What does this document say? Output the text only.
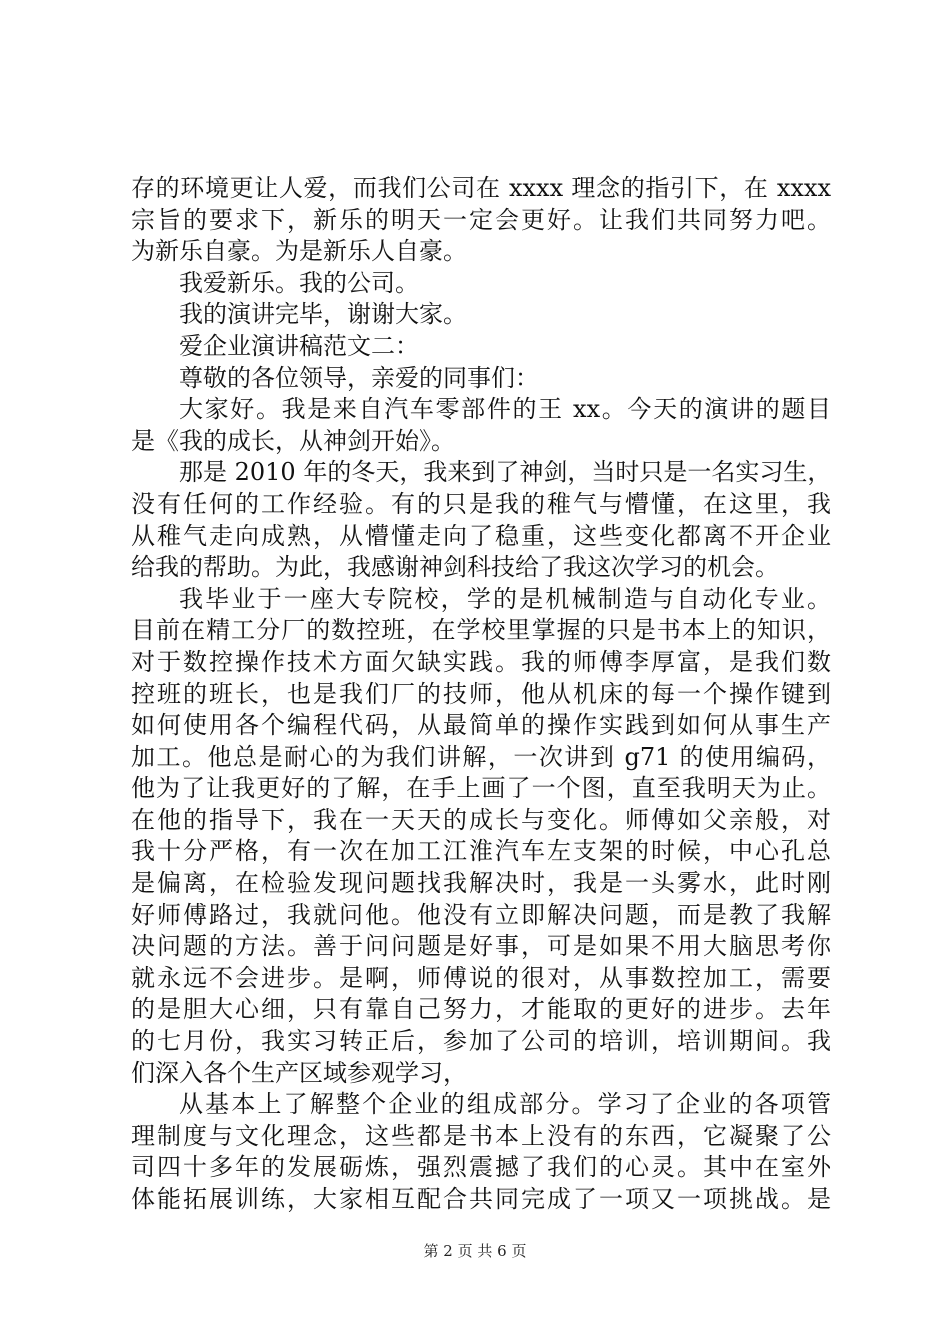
存的环境更让人爱，而我们公司在 xxxx 理念的指引下，在 xxxx
宗旨的要求下，新乐的明天一定会更好。让我们共同努力吧。
为新乐自豪。为是新乐人自豪。
我爱新乐。我的公司。
我的演讲完毕，谢谢大家。
爱企业演讲稿范文二：
尊敬的各位领导，亲爱的同事们：
大家好。我是来自汽车零部件的王 xx。今天的演讲的题目
是《我的成长，从神剑开始》。
那是 2010 年的冬天，我来到了神剑，当时只是一名实习生，
没有任何的工作经验。有的只是我的稚气与懵懂，在这里，我
从稚气走向成熟，从懵懂走向了稳重，这些变化都离不开企业
给我的帮助。为此，我感谢神剑科技给了我这次学习的机会。
我毕业于一座大专院校，学的是机械制造与自动化专业。
目前在精工分厂的数控班，在学校里掌握的只是书本上的知识，
对于数控操作技术方面欠缺实践。我的师傅李厚富，是我们数
控班的班长，也是我们厂的技师，他从机床的每一个操作键到
如何使用各个编程代码，从最简单的操作实践到如何从事生产
加工。他总是耐心的为我们讲解，一次讲到 g71 的使用编码，
他为了让我更好的了解，在手上画了一个图，直至我明天为止。
在他的指导下，我在一天天的成长与变化。师傅如父亲般，对
我十分严格，有一次在加工江淮汽车左支架的时候，中心孔总
是偏离，在检验发现问题找我解决时，我是一头雾水，此时刚
好师傅路过，我就问他。他没有立即解决问题，而是教了我解
决问题的方法。善于问问题是好事，可是如果不用大脑思考你
就永远不会进步。是啊，师傅说的很对，从事数控加工，需要
的是胆大心细，只有靠自己努力，才能取的更好的进步。去年
的七月份，我实习转正后，参加了公司的培训，培训期间。我
们深入各个生产区域参观学习，
从基本上了解整个企业的组成部分。学习了企业的各项管
理制度与文化理念，这些都是书本上没有的东西，它凝聚了公
司四十多年的发展砺炼，强烈震撼了我们的心灵。其中在室外
体能拓展训练，大家相互配合共同完成了一项又一项挑战。是
第 2 页 共 6 页
